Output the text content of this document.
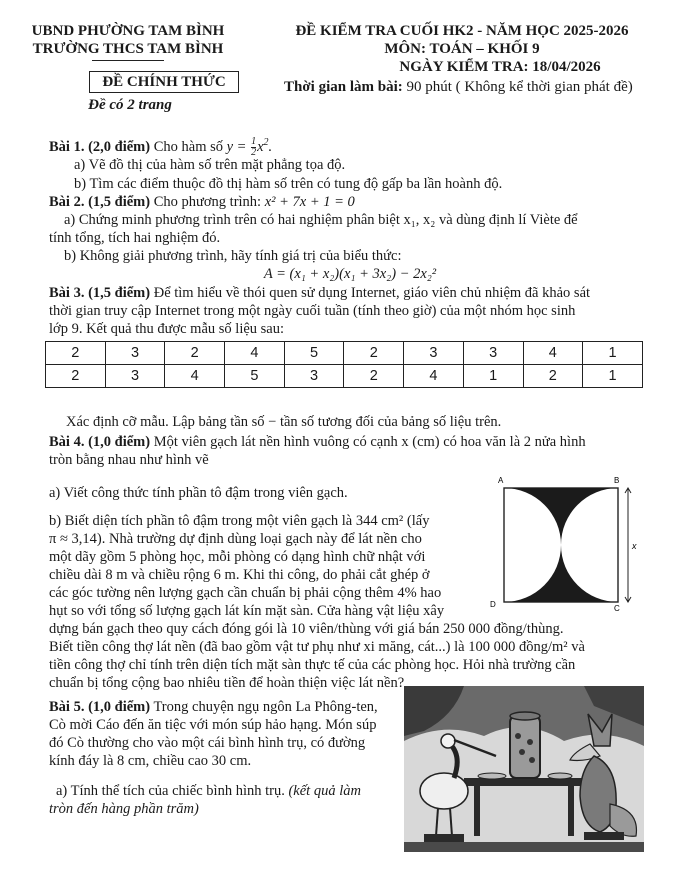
UBND PHƯỜNG TAM BÌNH
TRƯỜNG THCS TAM BÌNH
ĐỀ CHÍNH THỨC
Đề có 2 trang
ĐỀ KIỂM TRA CUỐI HK2 - NĂM HỌC 2025-2026
MÔN: TOÁN – KHỐI 9
NGÀY KIỂM TRA: 18/04/2026
Thời gian làm bài: 90 phút ( Không kể thời gian phát đề)
Bài 1. (2,0 điểm) Cho hàm số $y = \frac{1}{2} x^2$.
a) Vẽ đồ thị của hàm số trên mặt phẳng tọa độ.
b) Tìm các điểm thuộc đồ thị hàm số trên có tung độ gấp ba lần hoành độ.
Bài 2. (1,5 điểm) Cho phương trình: x² + 7x + 1 = 0
a) Chứng minh phương trình trên có hai nghiệm phân biệt x₁, x₂ và dùng định lí Viète để
tính tổng, tích hai nghiệm đó.
b) Không giải phương trình, hãy tính giá trị của biểu thức:
A = (x₁ + x₂)(x₁ + 3x₂) − 2x₂²
Bài 3. (1,5 điểm) Để tìm hiểu về thói quen sử dụng Internet, giáo viên chủ nhiệm đã khảo sát
thời gian truy cập Internet trong một ngày cuối tuần (tính theo giờ) của một nhóm học sinh
lớp 9. Kết quả thu được mẫu số liệu sau:
2	3	2	4	5	2	3	3	4	1
2	3	4	5	3	2	4	1	2	1
Xác định cỡ mẫu. Lập bảng tần số − tần số tương đối của bảng số liệu trên.
Bài 4. (1,0 điểm) Một viên gạch lát nền hình vuông có cạnh x (cm) có hoa văn là 2 nửa hình
tròn bằng nhau như hình vẽ
a) Viết công thức tính phần tô đậm trong viên gạch.
b) Biết diện tích phần tô đậm trong một viên gạch là 344 cm² (lấy
π ≈ 3,14). Nhà trường dự định dùng loại gạch này để lát nền cho
một dãy gồm 5 phòng học, mỗi phòng có dạng hình chữ nhật với
chiều dài 8 m và chiều rộng 6 m. Khi thi công, do phải cắt ghép ở
các góc tường nên lượng gạch cần chuẩn bị phải cộng thêm 4% hao
hụt so với tổng số lượng gạch lát kín mặt sàn. Cửa hàng vật liệu xây
dựng bán gạch theo quy cách đóng gói là 10 viên/thùng với giá bán 250 000 đồng/thùng.
Biết tiền công thợ lát nền (đã bao gồm vật tư phụ như xi măng, cát...) là 100 000 đồng/m² và
tiền công thợ chỉ tính trên diện tích mặt sàn thực tế của các phòng học. Hỏi nhà trường cần
chuẩn bị tổng cộng bao nhiêu tiền để hoàn thiện việc lát nền?
A	B
D	C
x
Bài 5. (1,0 điểm) Trong chuyện ngụ ngôn La Phông-ten,
Cò mời Cáo đến ăn tiệc với món súp hảo hạng. Món súp
đó Cò thường cho vào một cái bình hình trụ, có đường
kính đáy là 8 cm, chiều cao 30 cm.
a) Tính thể tích của chiếc bình hình trụ. (kết quả làm
tròn đến hàng phần trăm)
